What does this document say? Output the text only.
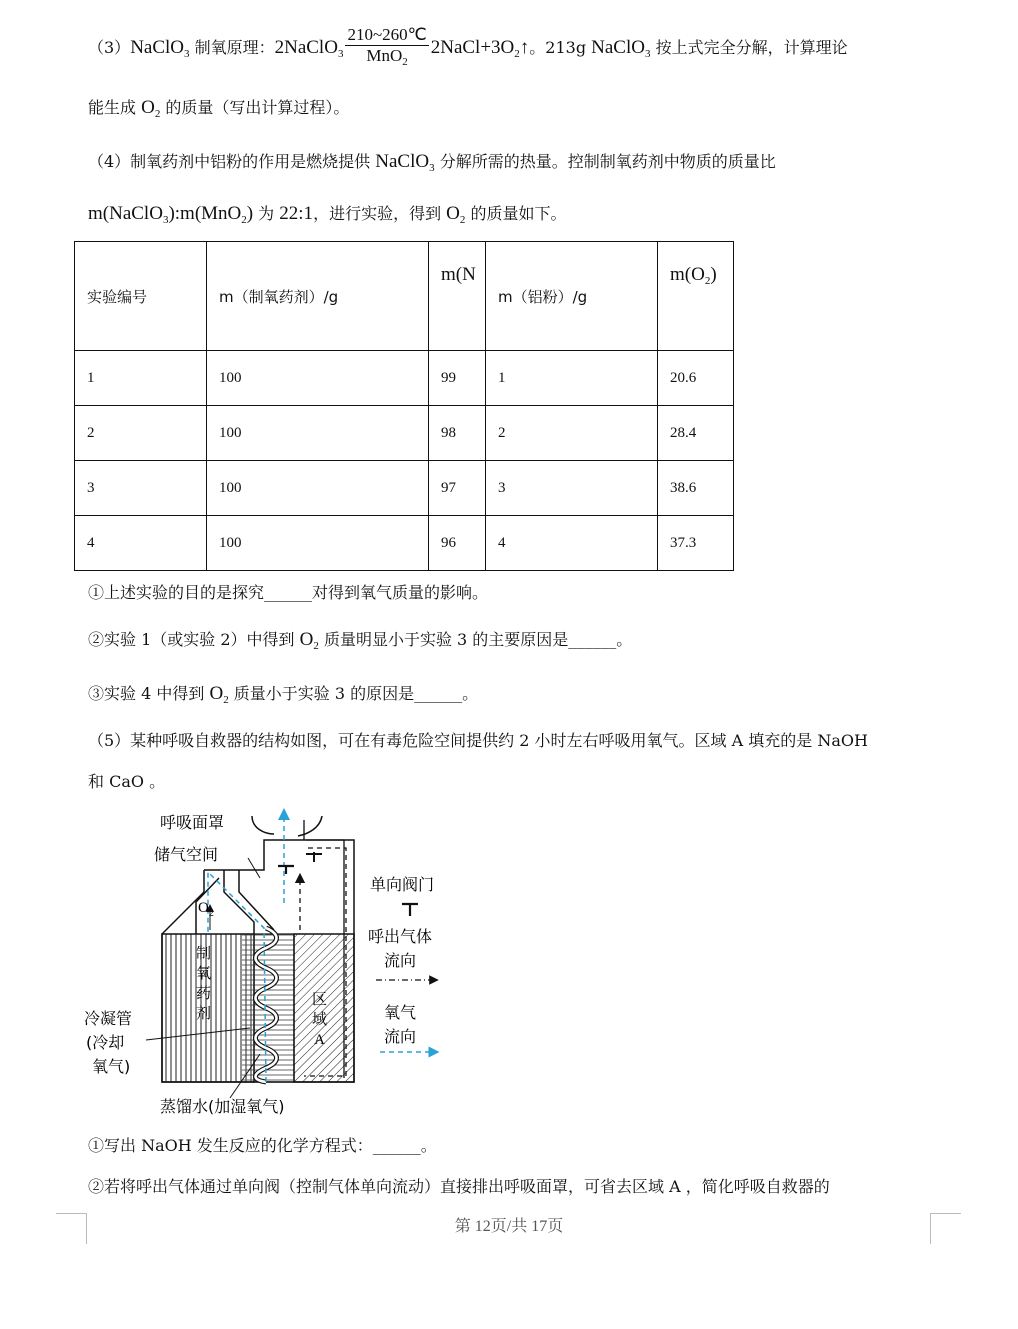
（3）NaClO$_3$ 制氧原理：2NaClO$_3$ $\frac{210\sim 260℃}{MnO_2}$ $2NaCl+3O_2↑$。213g NaClO$_3$ 按上式完全分解，计算理论
能生成 $O_2$ 的质量（写出计算过程）。
（4）制氧药剂中铝粉的作用是燃烧提供 NaClO$_3$ 分解所需的热量。控制制氧药剂中物质的质量比
m(NaClO$_3$):m(MnO$_2$) 为 22:1，进行实验，得到 $O_2$ 的质量如下。
实验编号	m（制氧药剂）/g	m(N	m（铝粉）/g	$m(O_2)$
1	100	99	1	20.6
2	100	98	2	28.4
3	100	97	3	38.6
4	100	96	4	37.3
①上述实验的目的是探究______对得到氧气质量的影响。
②实验 1（或实验 2）中得到 $O_2$ 质量明显小于实验 3 的主要原因是______。
③实验 4 中得到 $O_2$ 质量小于实验 3 的原因是______。
（5）某种呼吸自救器的结构如图，可在有毒危险空间提供约 2 小时左右呼吸用氧气。区域 A 填充的是 NaOH
和 CaO 。
呼吸面罩
储气空间
$O_2$
制
氧
药
剂
区
域
A
冷凝管
(冷却
氧气)
蒸馏水(加湿氧气)
单向阀门
呼出气体
流向
氧气
流向
①写出 NaOH 发生反应的化学方程式：______。
②若将呼出气体通过单向阀（控制气体单向流动）直接排出呼吸面罩，可省去区域 A ，简化呼吸自救器的
第 12页/共 17页
